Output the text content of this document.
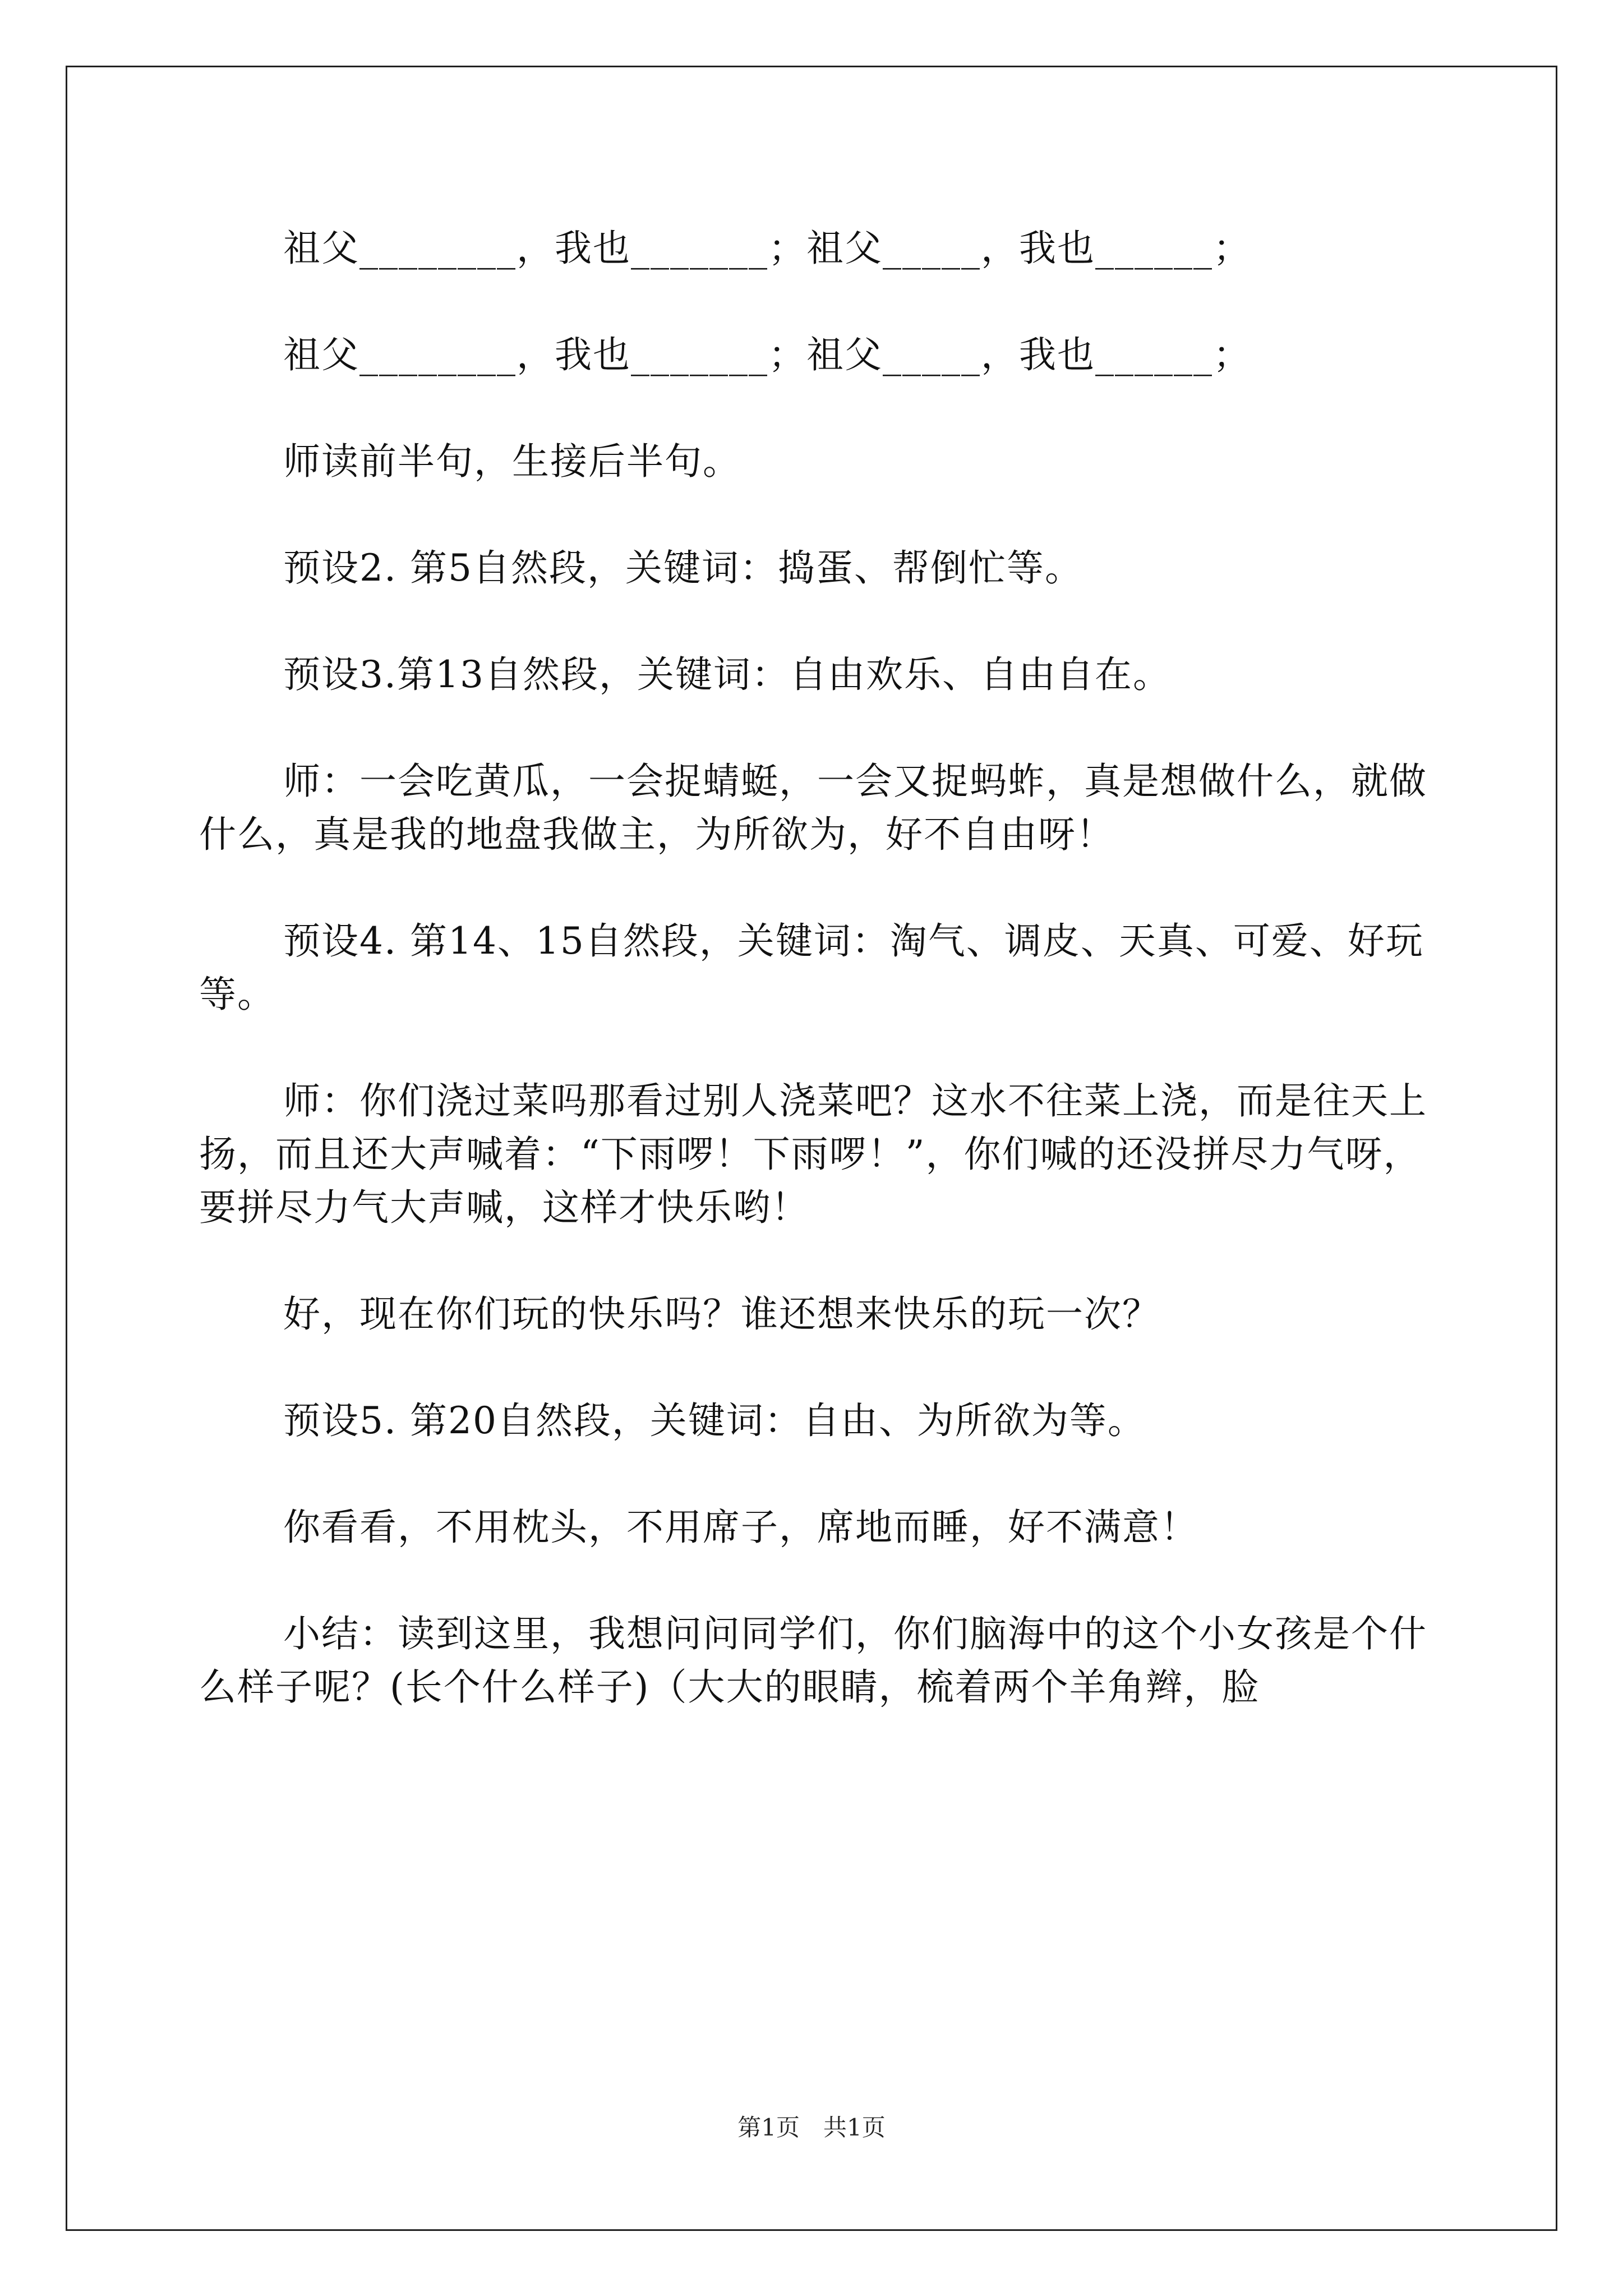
祖父________，我也_______；祖父_____，我也______；

祖父________，我也_______；祖父_____，我也______；

师读前半句，生接后半句。

预设2. 第5自然段，关键词：捣蛋、帮倒忙等。

预设3.第13自然段，关键词：自由欢乐、自由自在。

师：一会吃黄瓜，一会捉蜻蜓，一会又捉蚂蚱，真是想做什么，就做什么，真是我的地盘我做主，为所欲为，好不自由呀！

预设4. 第14、15自然段，关键词：淘气、调皮、天真、可爱、好玩等。

师：你们浇过菜吗那看过别人浇菜吧？这水不往菜上浇，而是往天上扬，而且还大声喊着：“下雨啰！下雨啰！”，你们喊的还没拼尽力气呀，要拼尽力气大声喊，这样才快乐哟！

好，现在你们玩的快乐吗？谁还想来快乐的玩一次？

预设5. 第20自然段，关键词：自由、为所欲为等。

你看看，不用枕头，不用席子，席地而睡，好不满意！

小结：读到这里，我想问问同学们，你们脑海中的这个小女孩是个什么样子呢？(长个什么样子)（大大的眼睛，梳着两个羊角辫，脸

第1页　共1页
